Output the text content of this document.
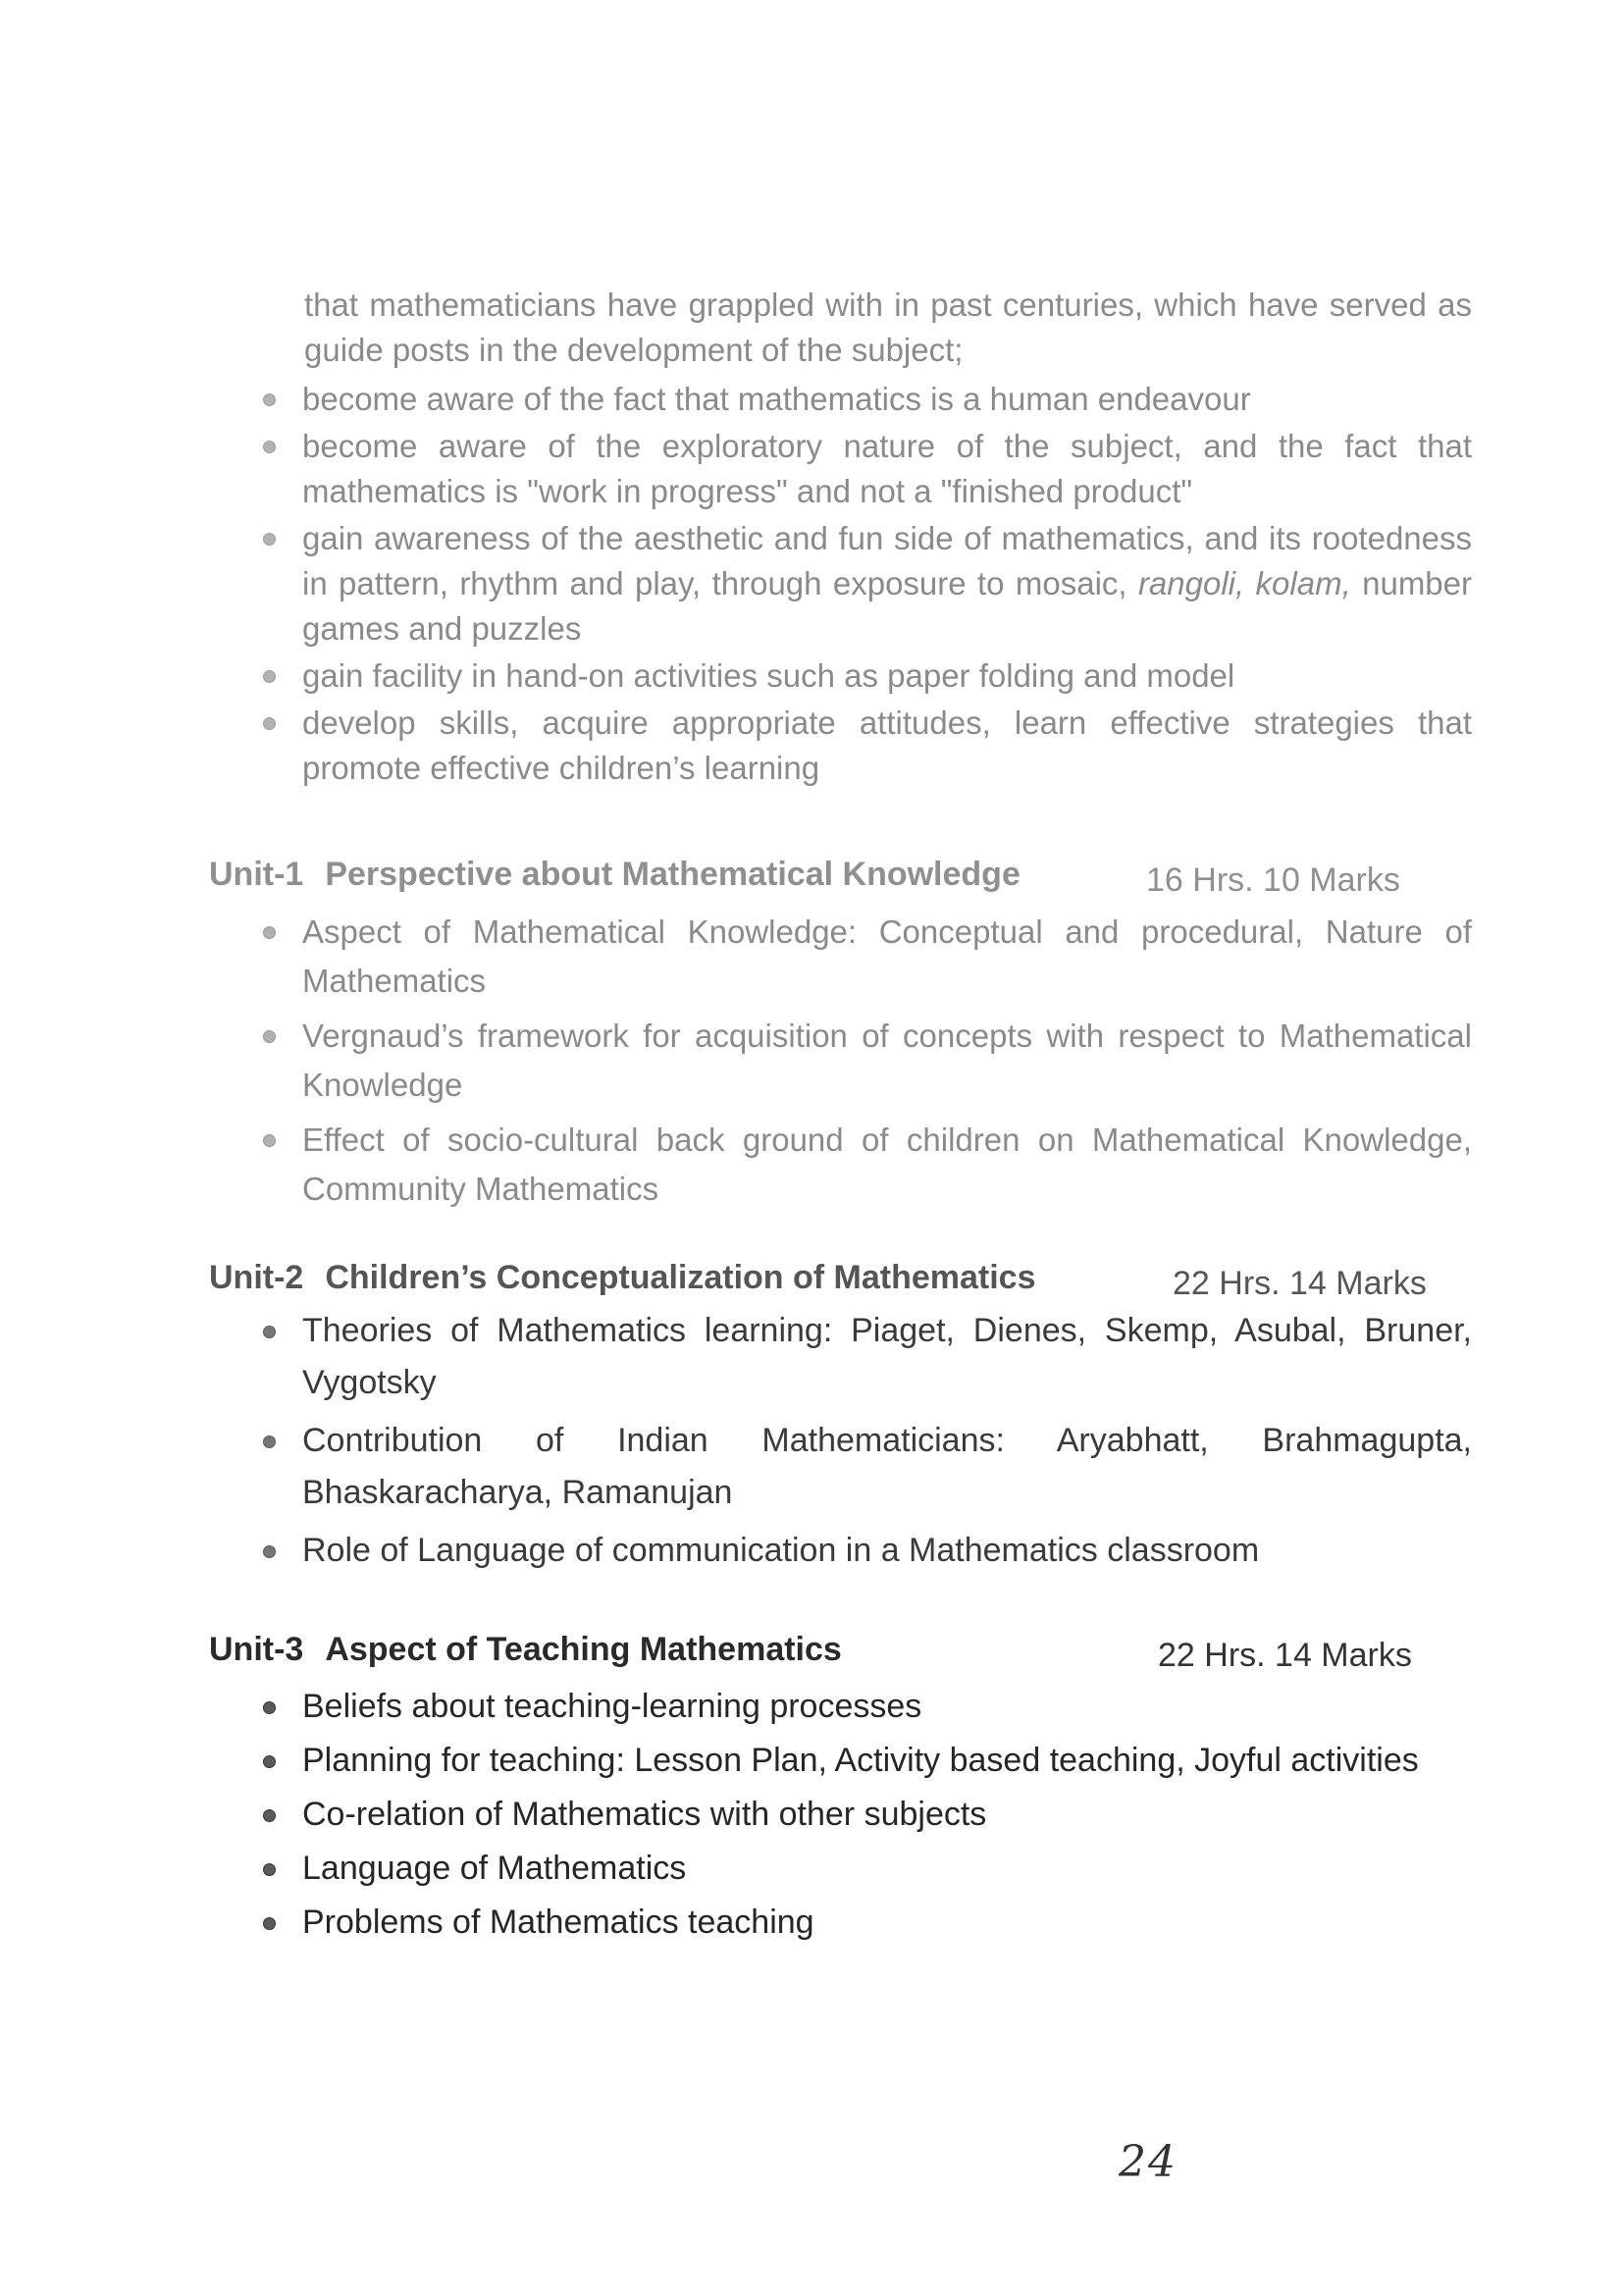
that mathematicians have grappled with in past centuries, which have served as guide posts in the development of the subject;

become aware of the fact that mathematics is a human endeavour
become aware of the exploratory nature of the subject, and the fact that mathematics is "work in progress" and not a "finished product"
gain awareness of the aesthetic and fun side of mathematics, and its rootedness in pattern, rhythm and play, through exposure to mosaic, rangoli, kolam, number games and puzzles
gain facility in hand-on activities such as paper folding and model
develop skills, acquire appropriate attitudes, learn effective strategies that promote effective children’s learning
Unit-1 Perspective about Mathematical Knowledge	16 Hrs. 10 Marks
Aspect of Mathematical Knowledge: Conceptual and procedural, Nature of Mathematics
Vergnaud’s framework for acquisition of concepts with respect to Mathematical Knowledge
Effect of socio-cultural back ground of children on Mathematical Knowledge, Community Mathematics
Unit-2 Children’s Conceptualization of Mathematics	22 Hrs. 14 Marks
Theories of Mathematics learning: Piaget, Dienes, Skemp, Asubal, Bruner, Vygotsky
Contribution of Indian Mathematicians: Aryabhatt, Brahmagupta, Bhaskaracharya, Ramanujan
Role of Language of communication in a Mathematics classroom
Unit-3 Aspect of Teaching Mathematics	22 Hrs. 14 Marks
Beliefs about teaching-learning processes
Planning for teaching: Lesson Plan, Activity based teaching, Joyful activities
Co-relation of Mathematics with other subjects
Language of Mathematics
Problems of Mathematics teaching
24
